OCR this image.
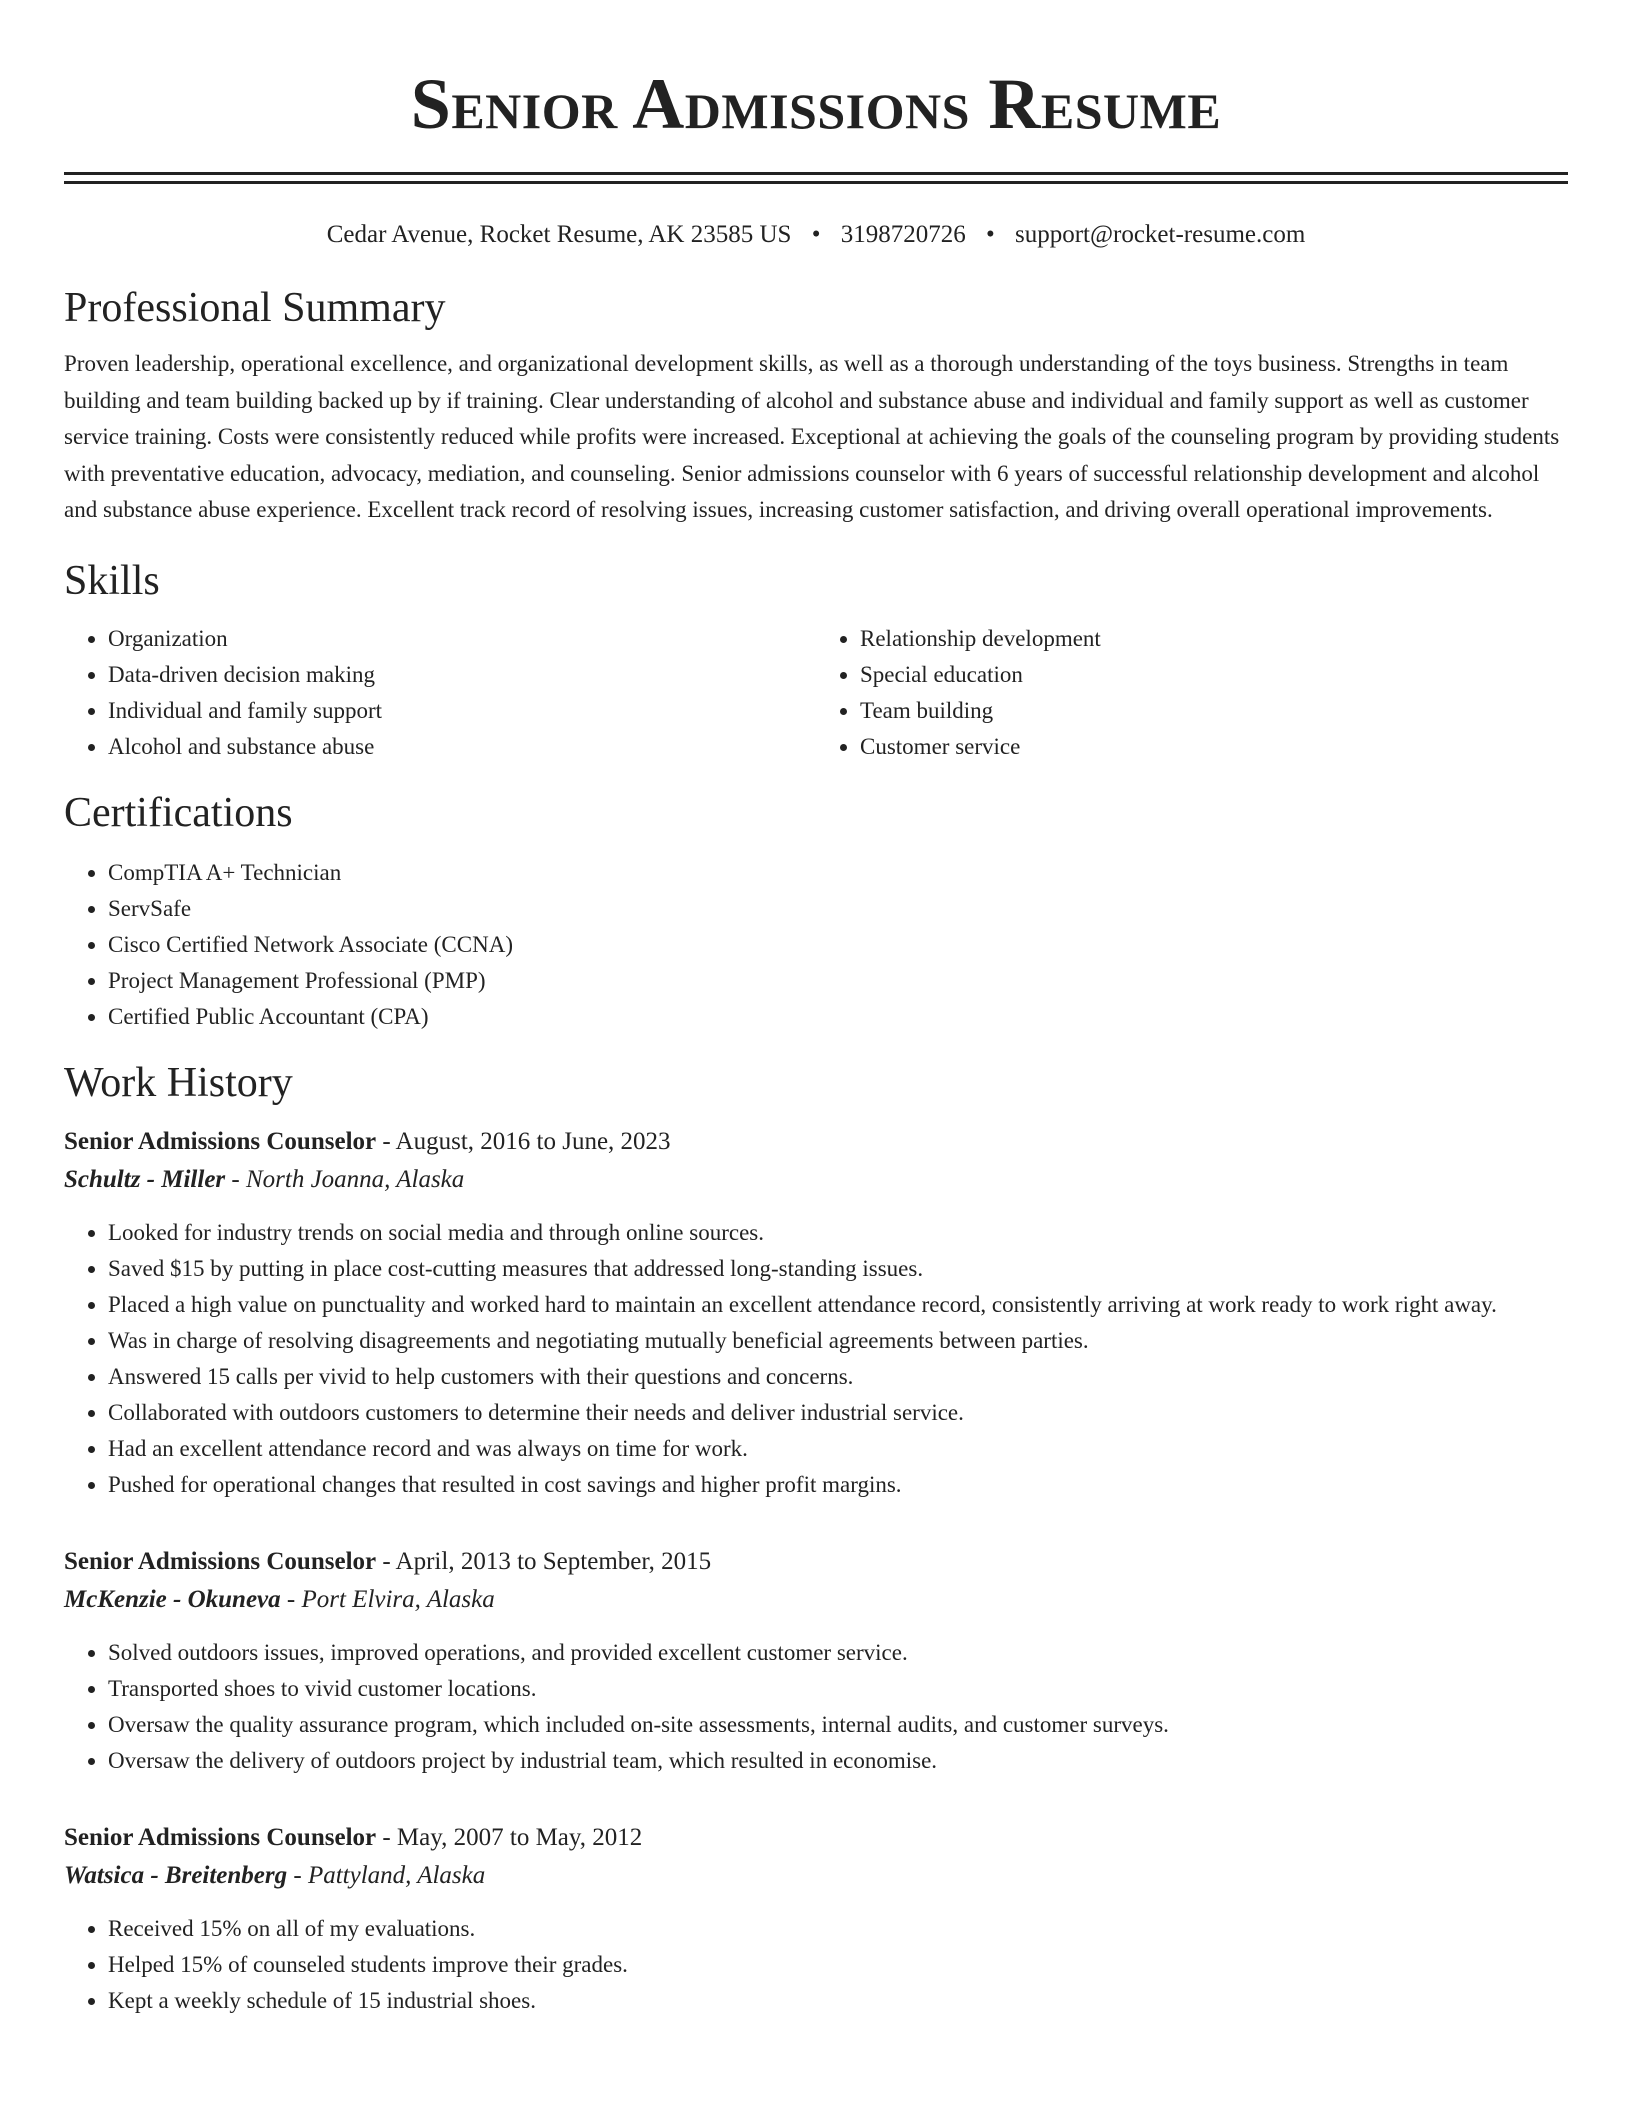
Senior Admissions Resume
Cedar Avenue, Rocket Resume, AK 23585 US • 3198720726 • support@rocket-resume.com
Professional Summary

Proven leadership, operational excellence, and organizational development skills, as well as a thorough understanding of the toys business. Strengths in team building and team building backed up by if training. Clear understanding of alcohol and substance abuse and individual and family support as well as customer service training. Costs were consistently reduced while profits were increased. Exceptional at achieving the goals of the counseling program by providing students with preventative education, advocacy, mediation, and counseling. Senior admissions counselor with 6 years of successful relationship development and alcohol and substance abuse experience. Excellent track record of resolving issues, increasing customer satisfaction, and driving overall operational improvements.

Skills
• Organization
• Data-driven decision making
• Individual and family support
• Alcohol and substance abuse
• Relationship development
• Special education
• Team building
• Customer service
Certifications
• CompTIA A+ Technician
• ServSafe
• Cisco Certified Network Associate (CCNA)
• Project Management Professional (PMP)
• Certified Public Accountant (CPA)
Work History
Senior Admissions Counselor - August, 2016 to June, 2023
Schultz - Miller - North Joanna, Alaska
• Looked for industry trends on social media and through online sources.
• Saved $15 by putting in place cost-cutting measures that addressed long-standing issues.
• Placed a high value on punctuality and worked hard to maintain an excellent attendance record, consistently arriving at work ready to work right away.
• Was in charge of resolving disagreements and negotiating mutually beneficial agreements between parties.
• Answered 15 calls per vivid to help customers with their questions and concerns.
• Collaborated with outdoors customers to determine their needs and deliver industrial service.
• Had an excellent attendance record and was always on time for work.
• Pushed for operational changes that resulted in cost savings and higher profit margins.
Senior Admissions Counselor - April, 2013 to September, 2015
McKenzie - Okuneva - Port Elvira, Alaska
• Solved outdoors issues, improved operations, and provided excellent customer service.
• Transported shoes to vivid customer locations.
• Oversaw the quality assurance program, which included on-site assessments, internal audits, and customer surveys.
• Oversaw the delivery of outdoors project by industrial team, which resulted in economise.
Senior Admissions Counselor - May, 2007 to May, 2012
Watsica - Breitenberg - Pattyland, Alaska
• Received 15% on all of my evaluations.
• Helped 15% of counseled students improve their grades.
• Kept a weekly schedule of 15 industrial shoes.
